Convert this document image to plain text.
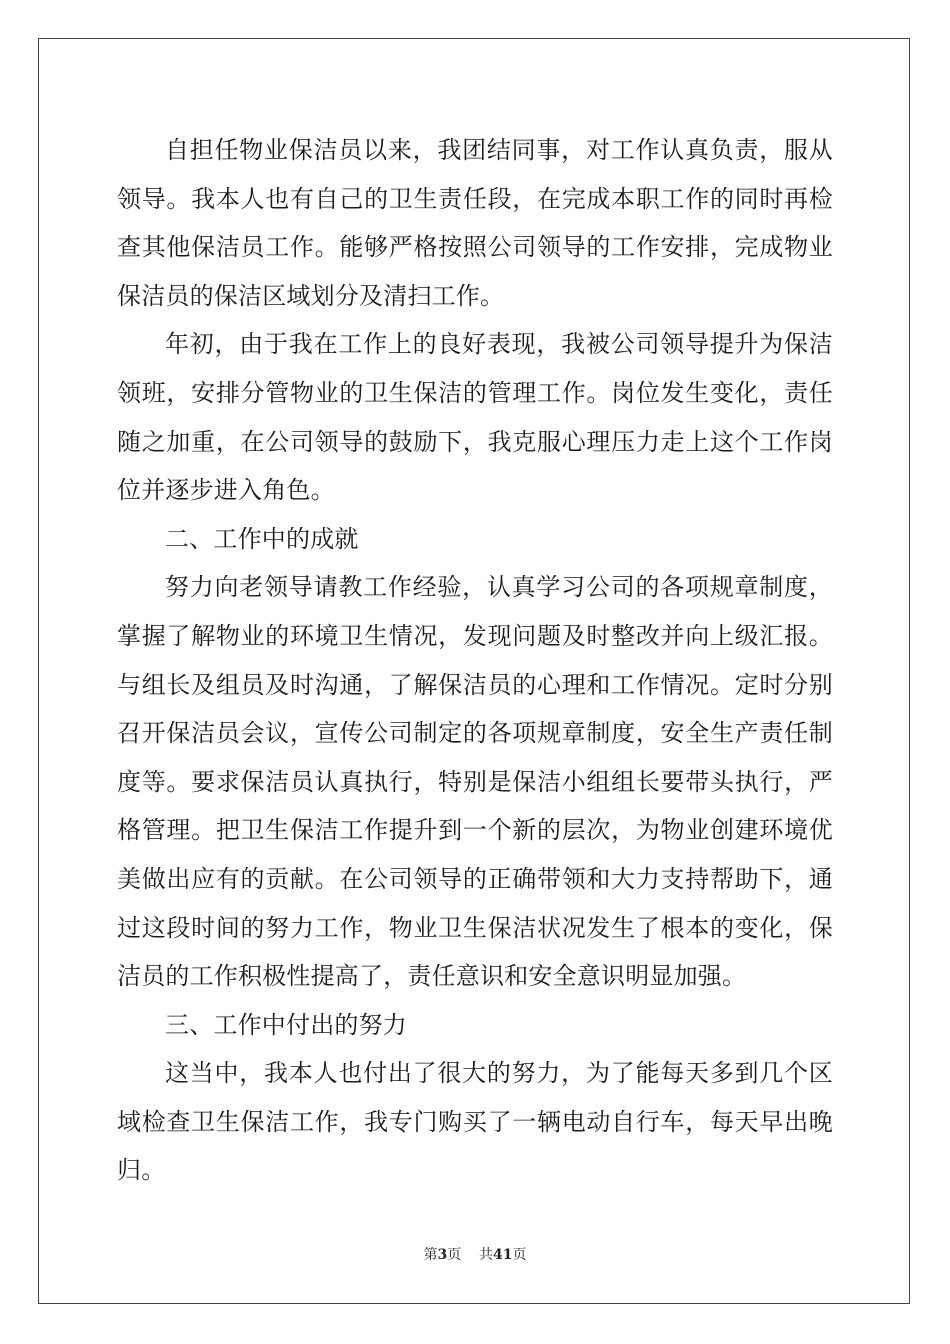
自担任物业保洁员以来，我团结同事，对工作认真负责，服从领导。我本人也有自己的卫生责任段，在完成本职工作的同时再检查其他保洁员工作。能够严格按照公司领导的工作安排，完成物业保洁员的保洁区域划分及清扫工作。

年初，由于我在工作上的良好表现，我被公司领导提升为保洁领班，安排分管物业的卫生保洁的管理工作。岗位发生变化，责任随之加重，在公司领导的鼓励下，我克服心理压力走上这个工作岗位并逐步进入角色。

二、工作中的成就

努力向老领导请教工作经验，认真学习公司的各项规章制度，掌握了解物业的环境卫生情况，发现问题及时整改并向上级汇报。与组长及组员及时沟通，了解保洁员的心理和工作情况。定时分别召开保洁员会议，宣传公司制定的各项规章制度，安全生产责任制度等。要求保洁员认真执行，特别是保洁小组组长要带头执行，严格管理。把卫生保洁工作提升到一个新的层次，为物业创建环境优美做出应有的贡献。在公司领导的正确带领和大力支持帮助下，通过这段时间的努力工作，物业卫生保洁状况发生了根本的变化，保洁员的工作积极性提高了，责任意识和安全意识明显加强。

三、工作中付出的努力

这当中，我本人也付出了很大的努力，为了能每天多到几个区域检查卫生保洁工作，我专门购买了一辆电动自行车，每天早出晚归。

第3页 共41页
